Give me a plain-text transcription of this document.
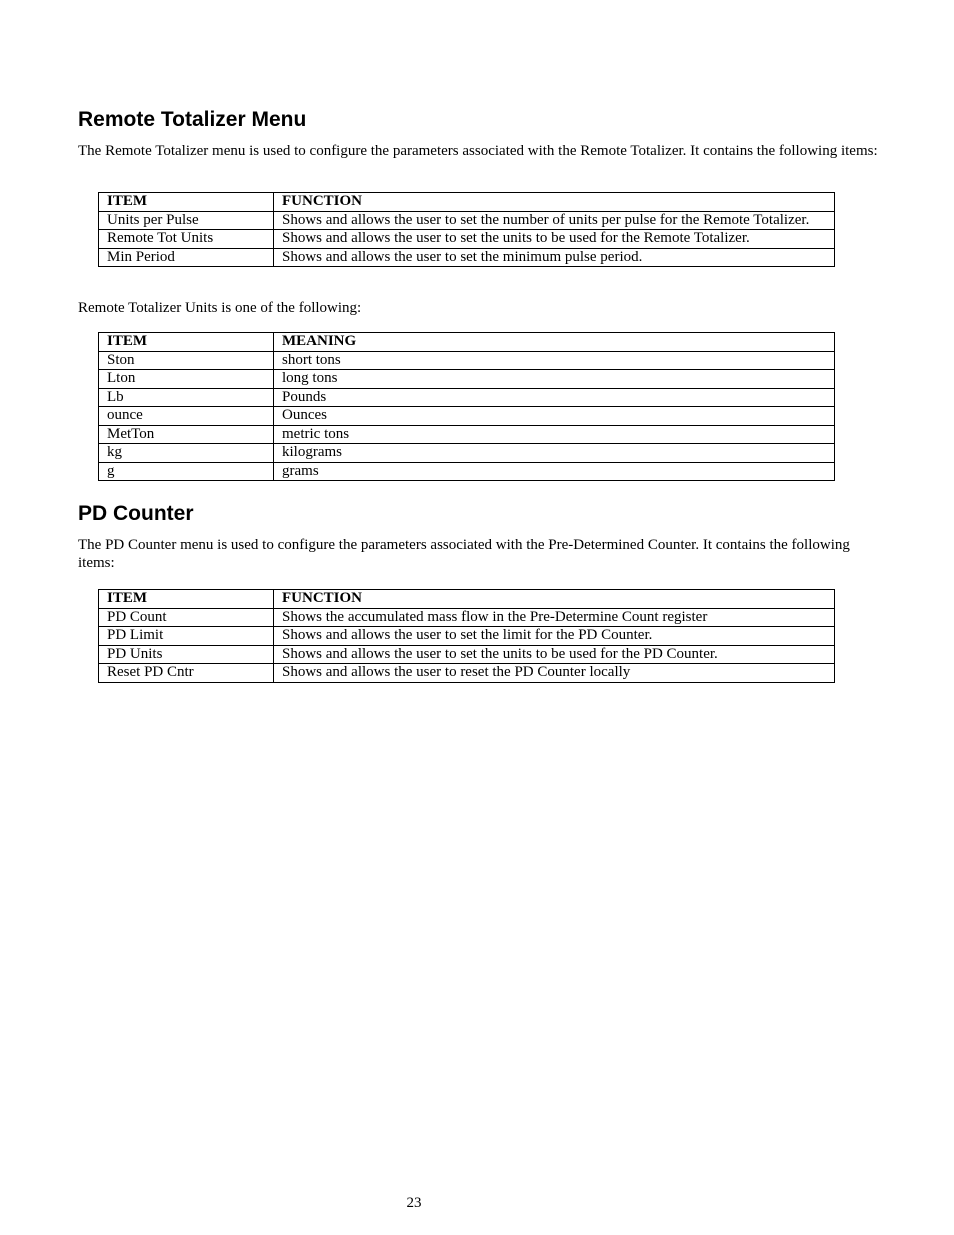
Remote Totalizer Menu

The Remote Totalizer menu is used to configure the parameters associated with the Remote Totalizer. It contains the following items:

ITEM	FUNCTION
Units per Pulse	Shows and allows the user to set the number of units per pulse for the Remote Totalizer.
Remote Tot Units	Shows and allows the user to set the units to be used for the Remote Totalizer.
Min Period	Shows and allows the user to set the minimum pulse period.

Remote Totalizer Units is one of the following:

ITEM	MEANING
Ston	short tons
Lton	long tons
Lb	Pounds
ounce	Ounces
MetTon	metric tons
kg	kilograms
g	grams
PD Counter

The PD Counter menu is used to configure the parameters associated with the Pre-Determined Counter. It contains the following items:

ITEM	FUNCTION
PD Count	Shows the accumulated mass flow in the Pre-Determine Count register
PD Limit	Shows and allows the user to set the limit for the PD Counter.
PD Units	Shows and allows the user to set the units to be used for the PD Counter.
Reset PD Cntr	Shows and allows the user to reset the PD Counter locally
23
